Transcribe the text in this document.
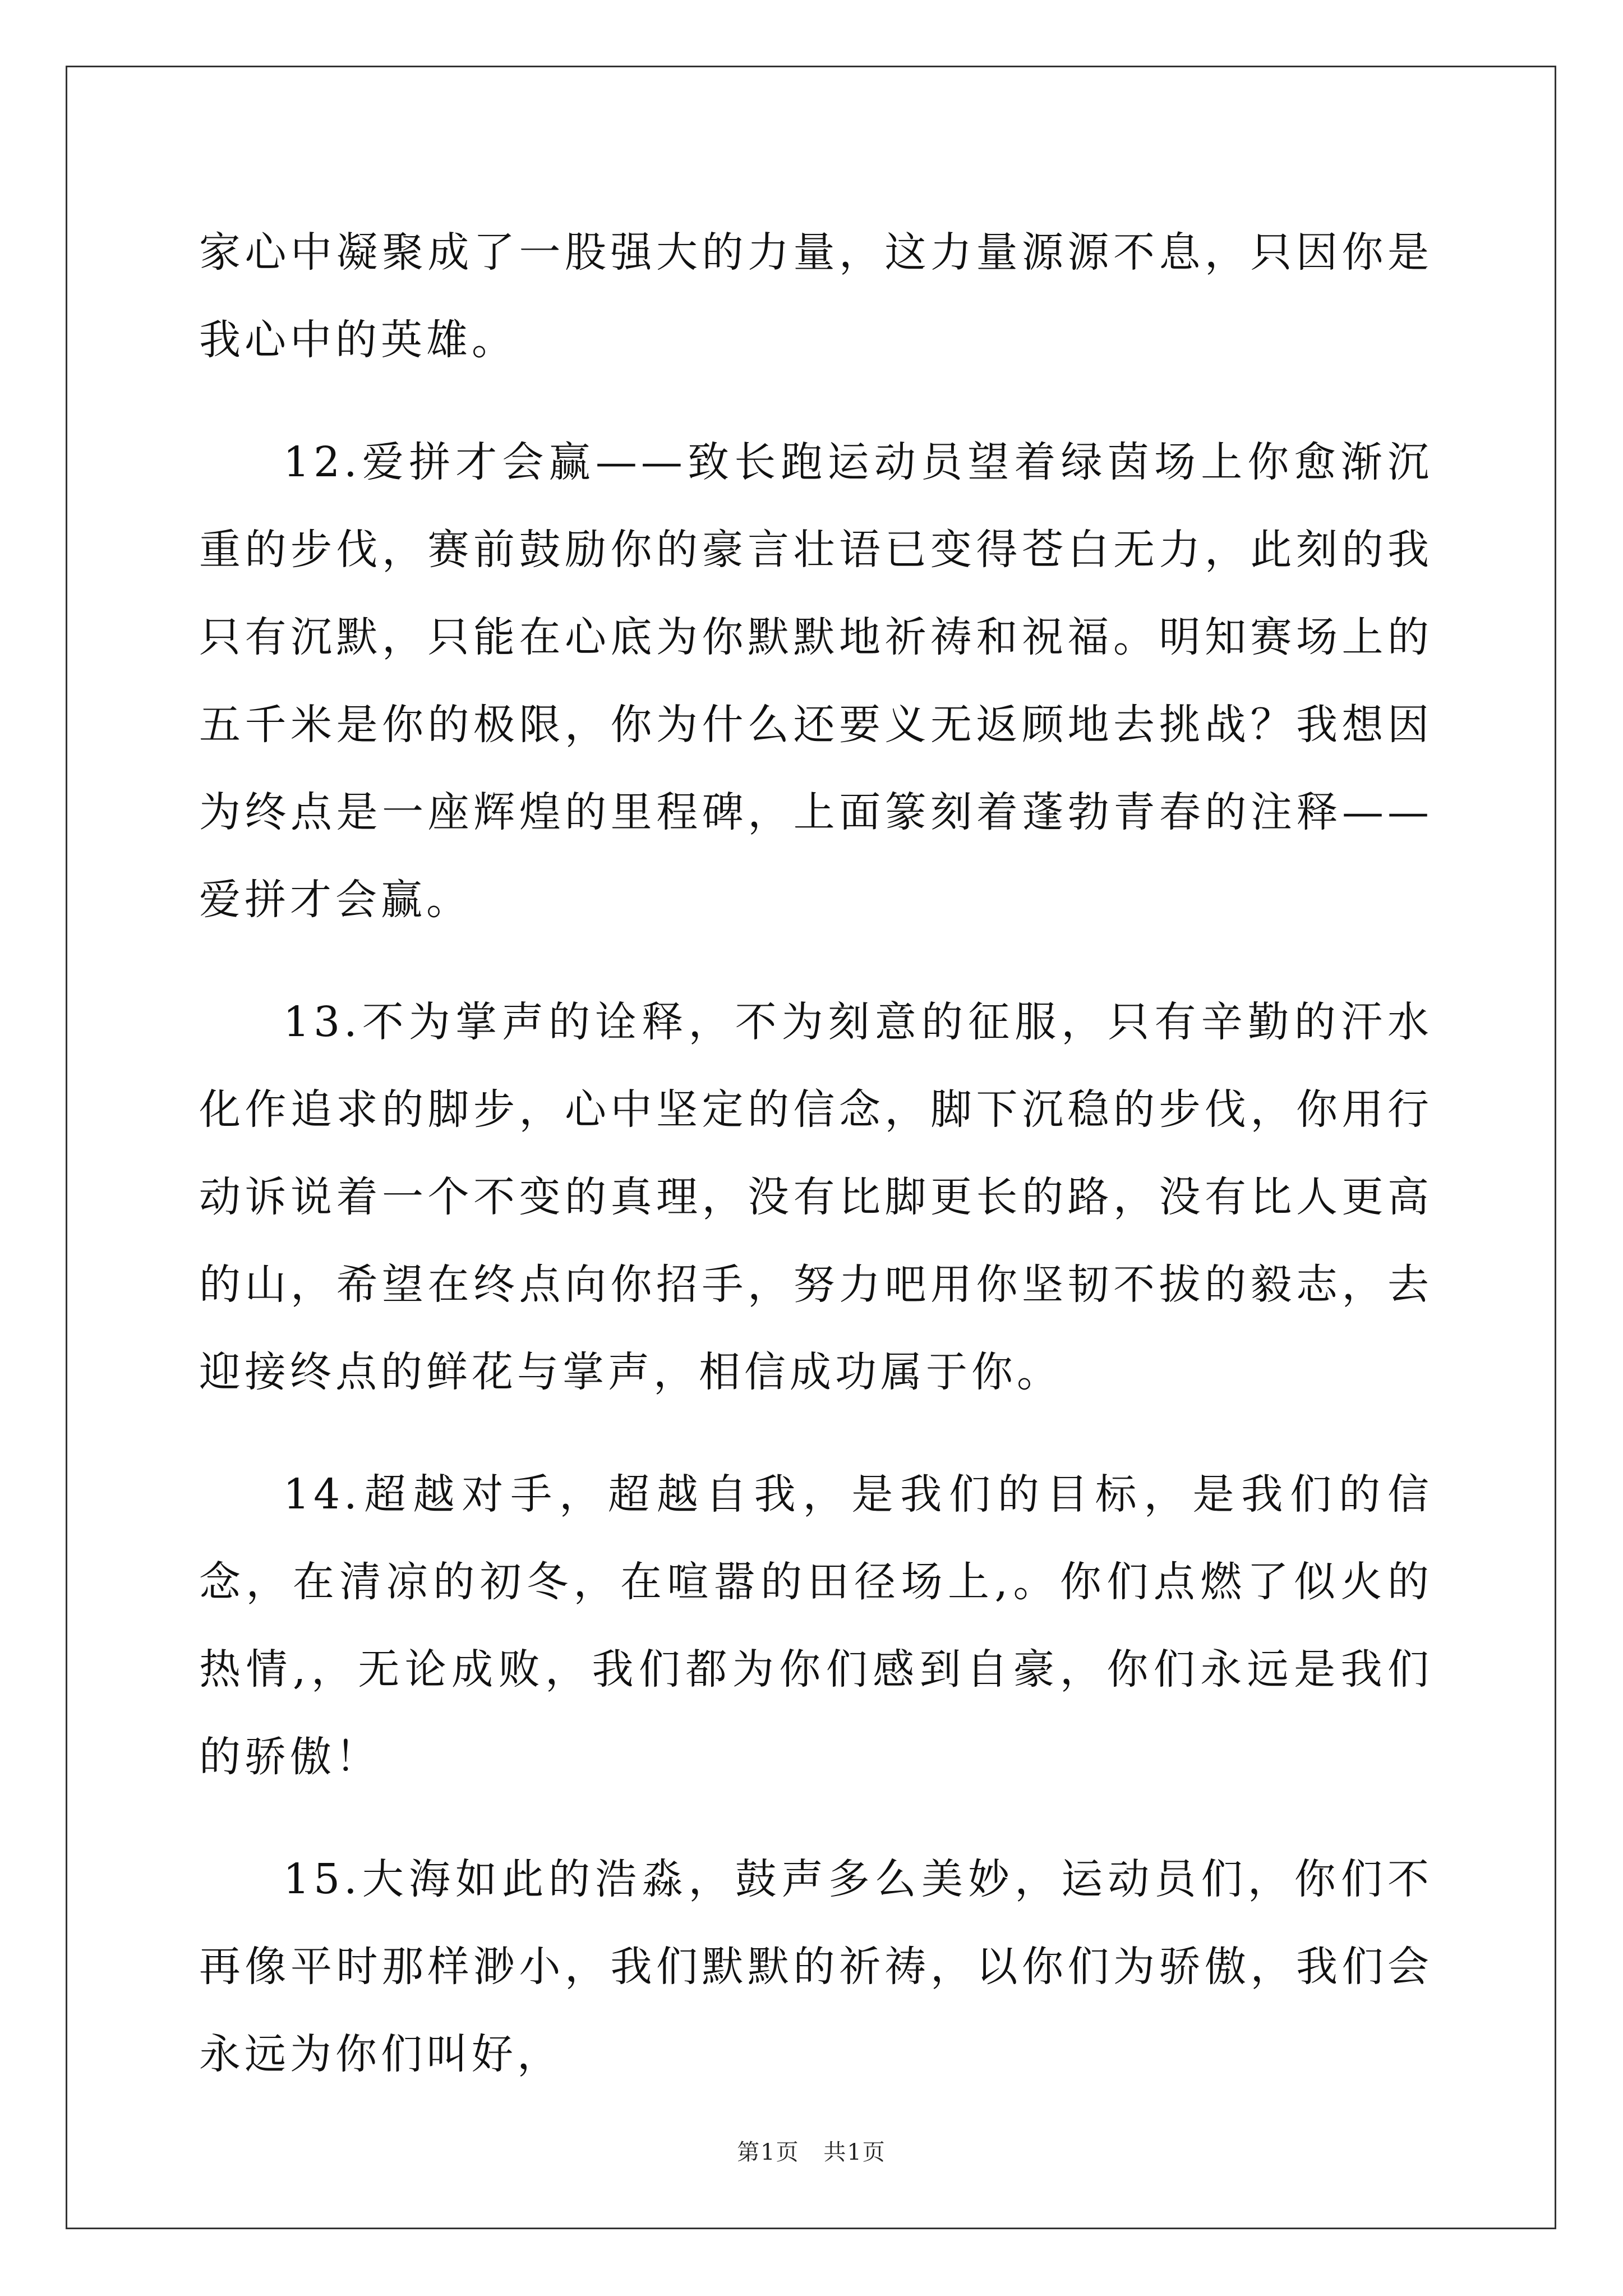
家心中凝聚成了一股强大的力量，这力量源源不息，只因你是我心中的英雄。

12.爱拼才会赢——致长跑运动员望着绿茵场上你愈渐沉重的步伐，赛前鼓励你的豪言壮语已变得苍白无力，此刻的我只有沉默，只能在心底为你默默地祈祷和祝福。明知赛场上的五千米是你的极限，你为什么还要义无返顾地去挑战？我想因为终点是一座辉煌的里程碑，上面篆刻着蓬勃青春的注释——爱拼才会赢。

13.不为掌声的诠释，不为刻意的征服，只有辛勤的汗水化作追求的脚步，心中坚定的信念，脚下沉稳的步伐，你用行动诉说着一个不变的真理，没有比脚更长的路，没有比人更高的山，希望在终点向你招手，努力吧用你坚韧不拔的毅志，去迎接终点的鲜花与掌声，相信成功属于你。

14.超越对手，超越自我，是我们的目标，是我们的信念，在清凉的初冬，在喧嚣的田径场上,。你们点燃了似火的热情,，无论成败，我们都为你们感到自豪，你们永远是我们的骄傲！

15.大海如此的浩淼，鼓声多么美妙，运动员们，你们不再像平时那样渺小，我们默默的祈祷，以你们为骄傲，我们会永远为你们叫好，

第1页 共1页
